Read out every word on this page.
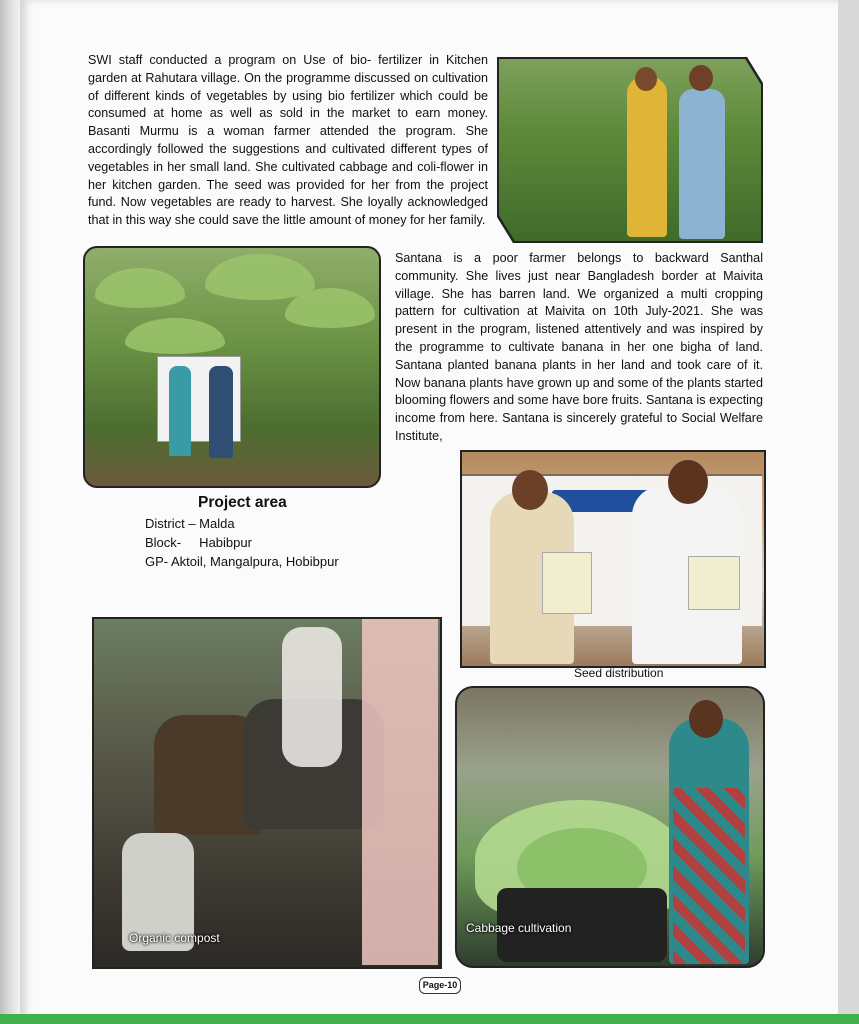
SWI staff conducted a program on Use of bio- fertilizer in Kitchen garden at Rahutara village. On the programme discussed on cultivation of different kinds of vegetables by using bio fertilizer which could be consumed at home as well as sold in the market to earn money. Basanti Murmu is a woman farmer attended the program. She accordingly followed the suggestions and cultivated different types of vegetables in her small land. She cultivated cabbage and coli-flower in her kitchen garden. The seed was provided for her from the project fund. Now vegetables are ready to harvest. She loyally acknowledged that in this way she could save the little amount of money for her family.

Santana is a poor farmer belongs to backward Santhal community. She lives just near Bangladesh border at Maivita village. She has barren land. We organized a multi cropping pattern for cultivation at Maivita on 10th July-2021. She was present in the program, listened attentively and was inspired by the programme to cultivate banana in her one bigha of land. Santana planted banana plants in her land and took care of it. Now banana plants have grown up and some of the plants started blooming flowers and some have bore fruits. Santana is expecting income from here. Santana is sincerely grateful to Social Welfare Institute,

Project area
District – Malda
Block-     Habibpur
GP- Aktoil, Mangalpura, Hobibpur
Seed distribution
Organic compost
Cabbage cultivation
Page-10
